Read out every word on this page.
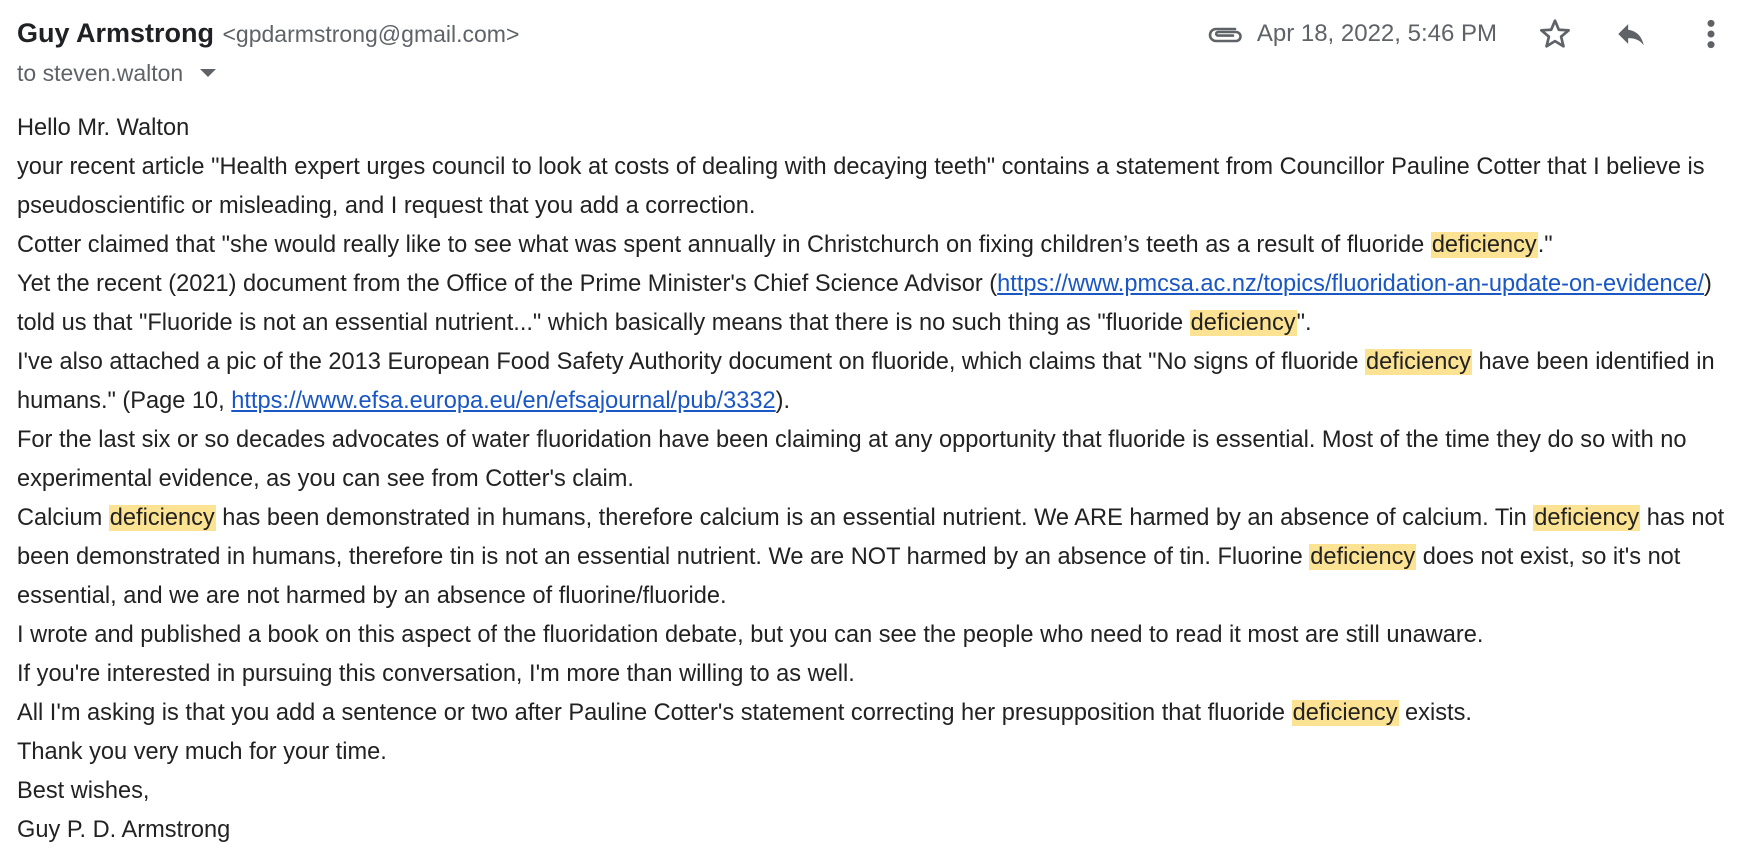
Guy Armstrong <gpdarmstrong@gmail.com>
to steven.walton
Apr 18, 2022, 5:46 PM

Hello Mr. Walton

your recent article "Health expert urges council to look at costs of dealing with decaying teeth" contains a statement from Councillor Pauline Cotter that I believe is pseudoscientific or misleading, and I request that you add a correction.

Cotter claimed that "she would really like to see what was spent annually in Christchurch on fixing children’s teeth as a result of fluoride deficiency."

Yet the recent (2021) document from the Office of the Prime Minister's Chief Science Advisor (https://www.pmcsa.ac.nz/topics/fluoridation-an-update-on-evidence/) told us that "Fluoride is not an essential nutrient..." which basically means that there is no such thing as "fluoride deficiency".

I've also attached a pic of the 2013 European Food Safety Authority document on fluoride, which claims that "No signs of fluoride deficiency have been identified in humans." (Page 10, https://www.efsa.europa.eu/en/efsajournal/pub/3332).

For the last six or so decades advocates of water fluoridation have been claiming at any opportunity that fluoride is essential. Most of the time they do so with no experimental evidence, as you can see from Cotter's claim.

Calcium deficiency has been demonstrated in humans, therefore calcium is an essential nutrient. We ARE harmed by an absence of calcium. Tin deficiency has not been demonstrated in humans, therefore tin is not an essential nutrient. We are NOT harmed by an absence of tin. Fluorine deficiency does not exist, so it's not essential, and we are not harmed by an absence of fluorine/fluoride.

I wrote and published a book on this aspect of the fluoridation debate, but you can see the people who need to read it most are still unaware.

If you're interested in pursuing this conversation, I'm more than willing to as well.

All I'm asking is that you add a sentence or two after Pauline Cotter's statement correcting her presupposition that fluoride deficiency exists.

Thank you very much for your time.

Best wishes,

Guy P. D. Armstrong
